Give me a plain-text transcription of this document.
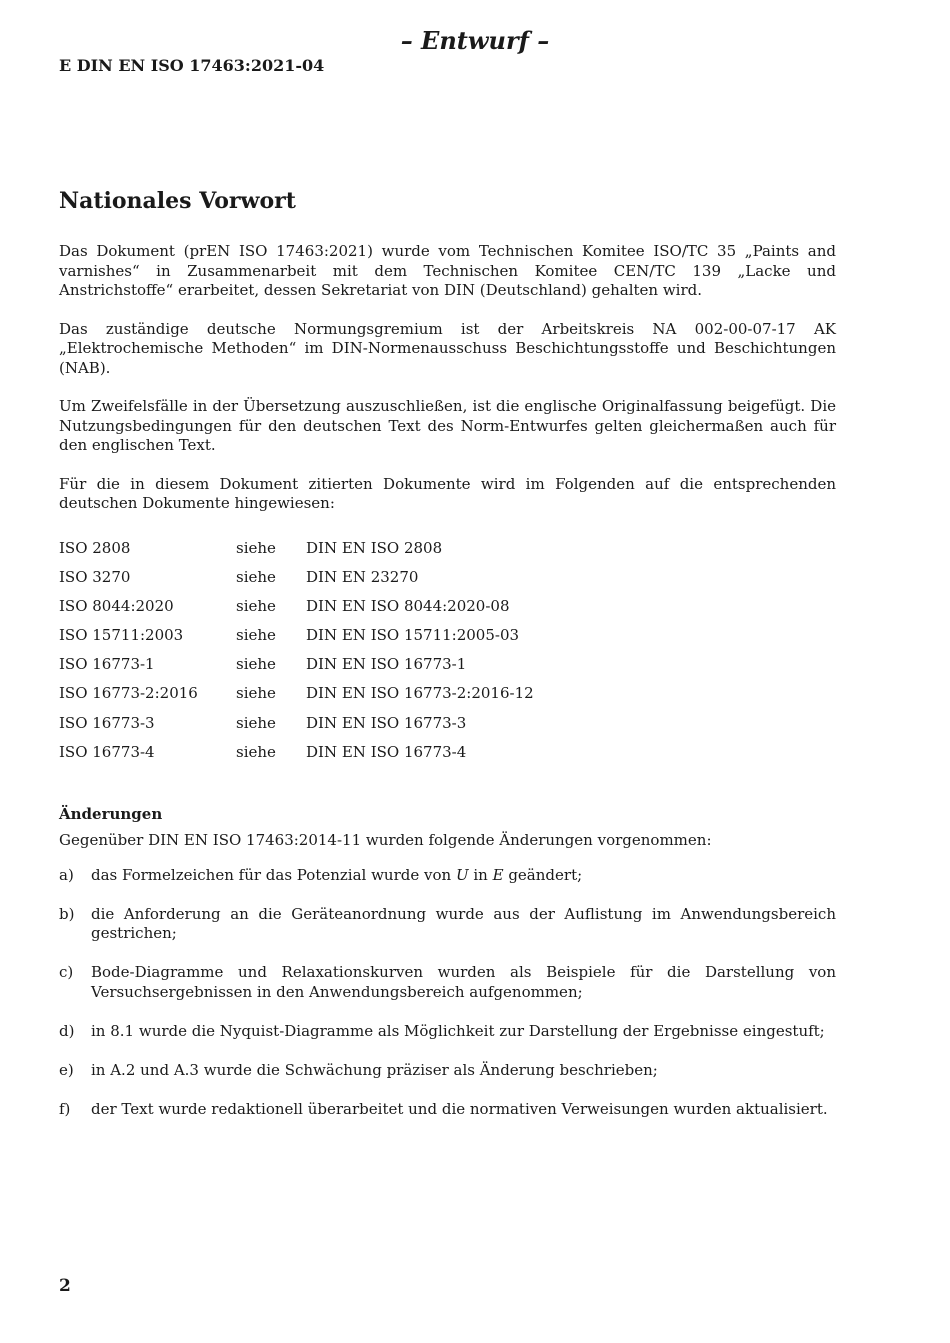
– Entwurf –
E DIN EN ISO 17463:2021-04
Nationales Vorwort

Das Dokument (prEN ISO 17463:2021) wurde vom Technischen Komitee ISO/TC 35 „Paints and varnishes“ in Zusammenarbeit mit dem Technischen Komitee CEN/TC 139 „Lacke und Anstrichstoffe“ erarbeitet, dessen Sekretariat von DIN (Deutschland) gehalten wird.

Das zuständige deutsche Normungsgremium ist der Arbeitskreis NA 002-00-07-17 AK „Elektrochemische Methoden“ im DIN-Normenausschuss Beschichtungsstoffe und Beschichtungen (NAB).

Um Zweifelsfälle in der Übersetzung auszuschließen, ist die englische Originalfassung beigefügt. Die Nutzungsbedingungen für den deutschen Text des Norm-Entwurfes gelten gleichermaßen auch für den englischen Text.

Für die in diesem Dokument zitierten Dokumente wird im Folgenden auf die entsprechenden deutschen Dokumente hingewiesen:

ISO 2808	siehe	DIN EN ISO 2808
ISO 3270	siehe	DIN EN 23270
ISO 8044:2020	siehe	DIN EN ISO 8044:2020-08
ISO 15711:2003	siehe	DIN EN ISO 15711:2005-03
ISO 16773-1	siehe	DIN EN ISO 16773-1
ISO 16773-2:2016	siehe	DIN EN ISO 16773-2:2016-12
ISO 16773-3	siehe	DIN EN ISO 16773-3
ISO 16773-4	siehe	DIN EN ISO 16773-4
Änderungen

Gegenüber DIN EN ISO 17463:2014-11 wurden folgende Änderungen vorgenommen:

a)	das Formelzeichen für das Potenzial wurde von U in E geändert;
b)	die Anforderung an die Geräteanordnung wurde aus der Auflistung im Anwendungsbereich gestrichen;
c)	Bode-Diagramme und Relaxationskurven wurden als Beispiele für die Darstellung von Versuchsergebnissen in den Anwendungsbereich aufgenommen;
d)	in 8.1 wurde die Nyquist-Diagramme als Möglichkeit zur Darstellung der Ergebnisse eingestuft;
e)	in A.2 und A.3 wurde die Schwächung präziser als Änderung beschrieben;
f)	der Text wurde redaktionell überarbeitet und die normativen Verweisungen wurden aktualisiert.
2
